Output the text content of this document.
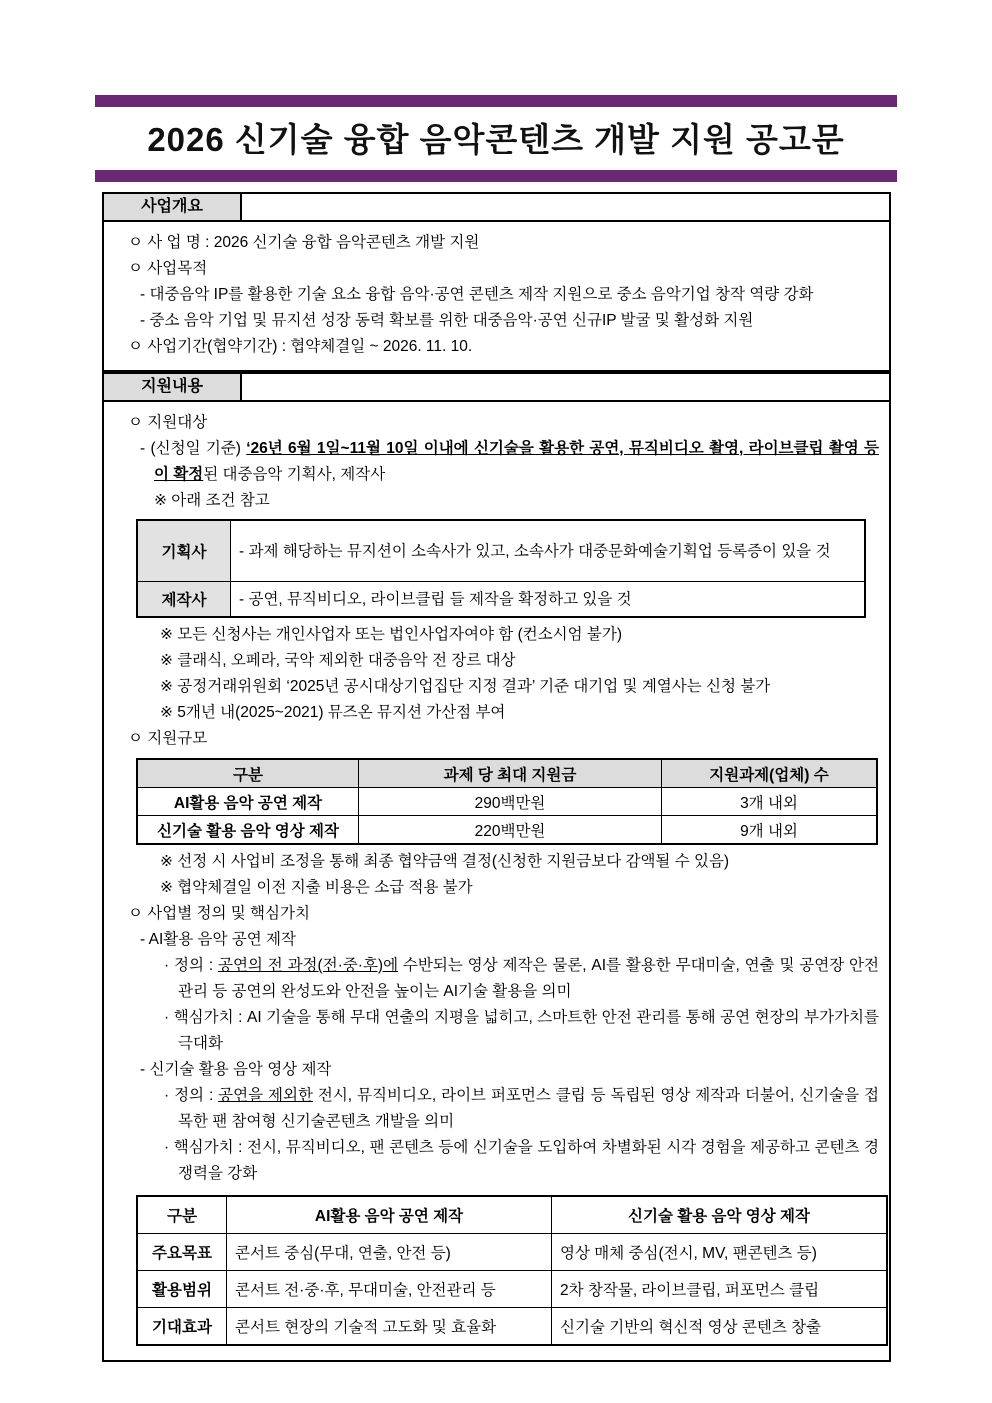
2026 신기술 융합 음악콘텐츠 개발 지원 공고문
사업개요

ㅇ 사 업 명 : 2026 신기술 융합 음악콘텐츠 개발 지원

ㅇ 사업목적

- 대중음악 IP를 활용한 기술 요소 융합 음악·공연 콘텐츠 제작 지원으로 중소 음악기업 창작 역량 강화

- 중소 음악 기업 및 뮤지션 성장 동력 확보를 위한 대중음악·공연 신규IP 발굴 및 활성화 지원

ㅇ 사업기간(협약기간) : 협약체결일 ~ 2026. 11. 10.

지원내용

ㅇ 지원대상

- (신청일 기준) ‘26년 6월 1일~11월 10일 이내에 신기술을 활용한 공연, 뮤직비디오 촬영, 라이브클립 촬영 등이 확정된 대중음악 기획사, 제작사

※ 아래 조건 참고

기획사	- 과제 해당하는 뮤지션이 소속사가 있고, 소속사가 대중문화예술기획업 등록증이 있을 것
제작사	- 공연, 뮤직비디오, 라이브클립 들 제작을 확정하고 있을 것

※ 모든 신청사는 개인사업자 또는 법인사업자여야 함 (컨소시엄 불가)

※ 클래식, 오페라, 국악 제외한 대중음악 전 장르 대상

※ 공정거래위원회 ‘2025년 공시대상기업집단 지정 결과’ 기준 대기업 및 계열사는 신청 불가

※ 5개년 내(2025~2021) 뮤즈온 뮤지션 가산점 부여

ㅇ 지원규모

구분	과제 당 최대 지원금	지원과제(업체) 수
AI활용 음악 공연 제작	290백만원	3개 내외
신기술 활용 음악 영상 제작	220백만원	9개 내외

※ 선정 시 사업비 조정을 통해 최종 협약금액 결정(신청한 지원금보다 감액될 수 있음)

※ 협약체결일 이전 지출 비용은 소급 적용 불가

ㅇ 사업별 정의 및 핵심가치

- AI활용 음악 공연 제작

· 정의 : 공연의 전 과정(전·중·후)에 수반되는 영상 제작은 물론, AI를 활용한 무대미술, 연출 및 공연장 안전 관리 등 공연의 완성도와 안전을 높이는 AI기술 활용을 의미

· 핵심가치 : AI 기술을 통해 무대 연출의 지평을 넓히고, 스마트한 안전 관리를 통해 공연 현장의 부가가치를 극대화

- 신기술 활용 음악 영상 제작

· 정의 : 공연을 제외한 전시, 뮤직비디오, 라이브 퍼포먼스 클립 등 독립된 영상 제작과 더불어, 신기술을 접목한 팬 참여형 신기술콘텐츠 개발을 의미

· 핵심가치 : 전시, 뮤직비디오, 팬 콘텐츠 등에 신기술을 도입하여 차별화된 시각 경험을 제공하고 콘텐츠 경쟁력을 강화

구분	AI활용 음악 공연 제작	신기술 활용 음악 영상 제작
주요목표	콘서트 중심(무대, 연출, 안전 등)	영상 매체 중심(전시, MV, 팬콘텐츠 등)
활용범위	콘서트 전·중·후, 무대미술, 안전관리 등	2차 창작물, 라이브클립, 퍼포먼스 클립
기대효과	콘서트 현장의 기술적 고도화 및 효율화	신기술 기반의 혁신적 영상 콘텐츠 창출
